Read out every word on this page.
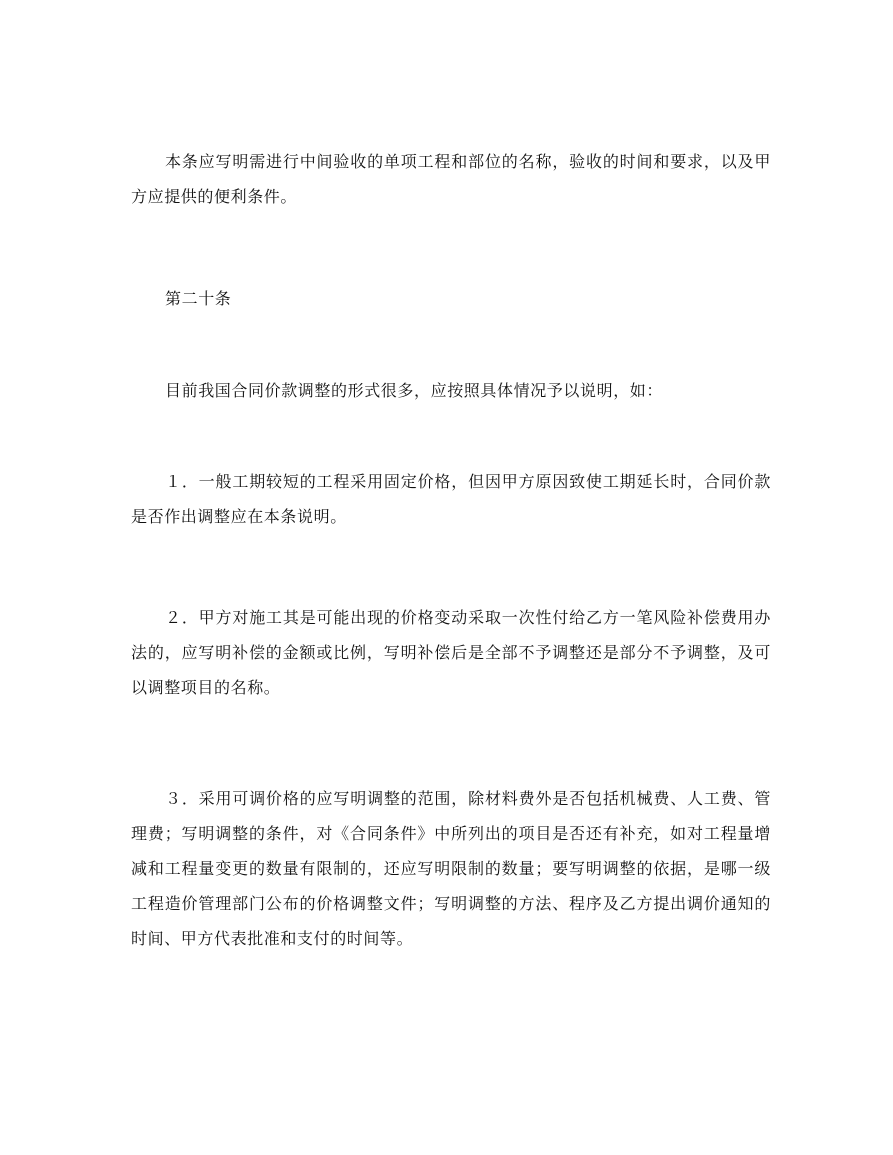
本条应写明需进行中间验收的单项工程和部位的名称，验收的时间和要求，以及甲方应提供的便利条件。

第二十条

目前我国合同价款调整的形式很多，应按照具体情况予以说明，如：

１．一般工期较短的工程采用固定价格，但因甲方原因致使工期延长时，合同价款是否作出调整应在本条说明。

２．甲方对施工其是可能出现的价格变动采取一次性付给乙方一笔风险补偿费用办法的，应写明补偿的金额或比例，写明补偿后是全部不予调整还是部分不予调整，及可以调整项目的名称。

３．采用可调价格的应写明调整的范围，除材料费外是否包括机械费、人工费、管理费；写明调整的条件，对《合同条件》中所列出的项目是否还有补充，如对工程量增减和工程量变更的数量有限制的，还应写明限制的数量；要写明调整的依据，是哪一级工程造价管理部门公布的价格调整文件；写明调整的方法、程序及乙方提出调价通知的时间、甲方代表批准和支付的时间等。
